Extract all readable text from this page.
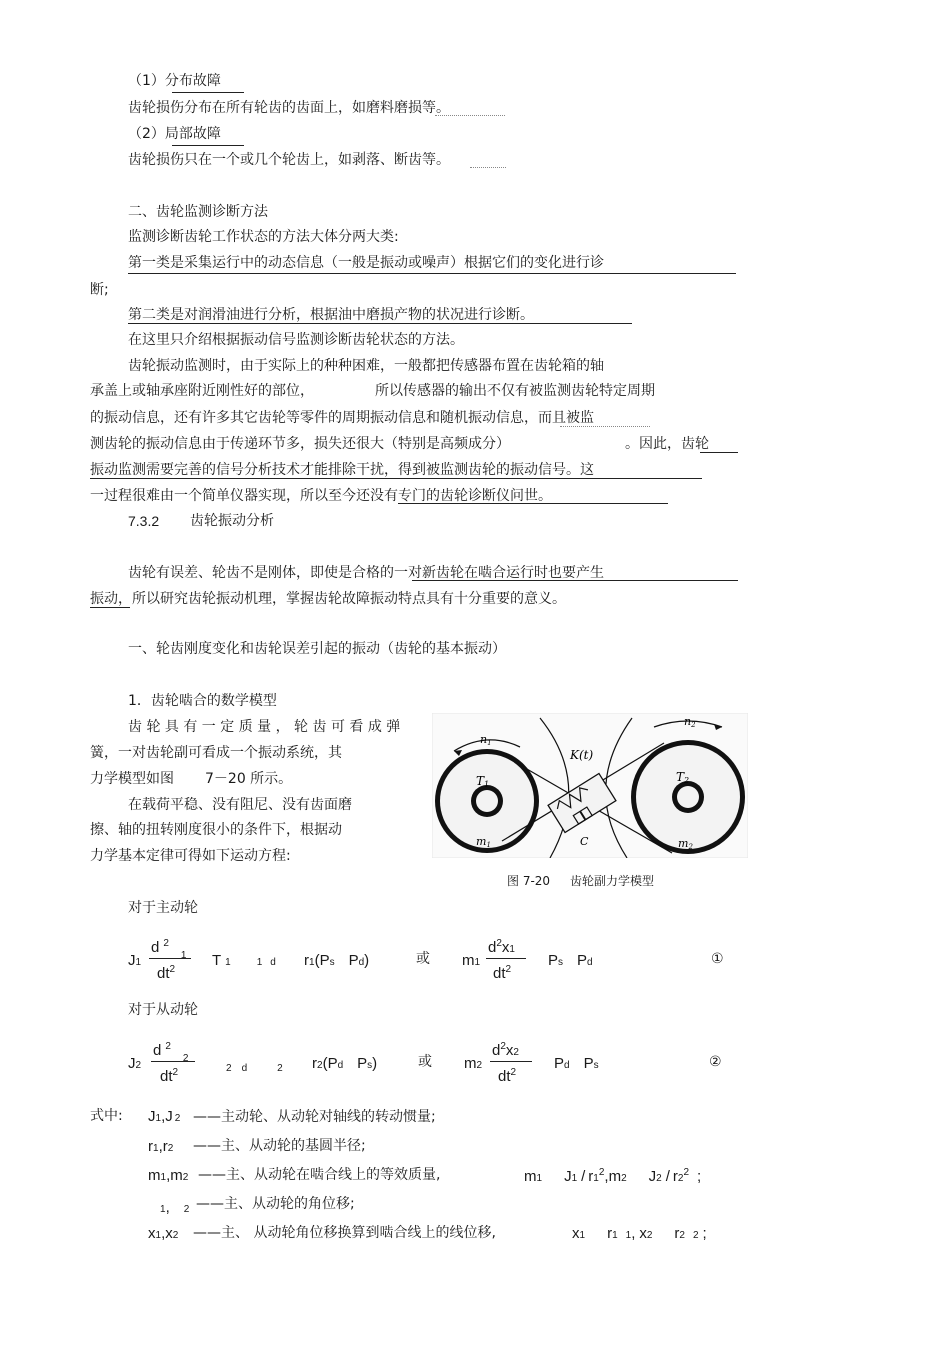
（1）分布故障
齿轮损伤分布在所有轮齿的齿面上，如磨料磨损等。
（2）局部故障
齿轮损伤只在一个或几个轮齿上，如剥落、断齿等。
二、齿轮监测诊断方法
监测诊断齿轮工作状态的方法大体分两大类:
第一类是采集运行中的动态信息（一般是振动或噪声）根据它们的变化进行诊
断;
第二类是对润滑油进行分析，根据油中磨损产物的状况进行诊断。
在这里只介绍根据振动信号监测诊断齿轮状态的方法。
齿轮振动监测时，由于实际上的种种困难，一般都把传感器布置在齿轮箱的轴
承盖上或轴承座附近刚性好的部位，	所以传感器的输出不仅有被监测齿轮特定周期
的振动信息，还有许多其它齿轮等零件的周期振动信息和随机振动信息，而且被监
测齿轮的振动信息由于传递环节多，损失还很大（特别是高频成分）	。因此，齿轮
振动监测需要完善的信号分析技术才能排除干扰，得到被监测齿轮的振动信号。这
一过程很难由一个简单仪器实现，所以至今还没有专门的齿轮诊断仪问世。
7.3.2 齿轮振动分析
齿轮有误差、轮齿不是刚体，即使是合格的一对新齿轮在啮合运行时也要产生
振动，所以研究齿轮振动机理，掌握齿轮故障振动特点具有十分重要的意义。
一、轮齿刚度变化和齿轮误差引起的振动（齿轮的基本振动）
1．齿轮啮合的数学模型
齿 轮 具 有 一 定 质 量 ， 轮 齿 可 看 成 弹
簧，一对齿轮副可看成一个振动系统，其
力学模型如图 7－20 所示。
在载荷平稳、没有阻尼、没有齿面磨
擦、轴的扭转刚度很小的条件下，根据动
力学基本定律可得如下运动方程:
n1
n2
T1
T2
K(t)
C
m1	m2
图 7-20 齿轮副力学模型
对于主动轮
J1
d $^2_1$
$dt^2$
T 1	1 d r1(Ps Pd)	或 m1
$d^2x1$
$dt^2$
Ps Pd	①
对于从动轮
J2
d $^2_2$
$dt^2$	2 d	2 r2(Pd Ps)	或 m2
$d^2x2$
$dt^2$
Pd Ps	②
式中: J1,J 2 ——主动轮、从动轮对轴线的转动惯量;
r1,r2 ——主、从动轮的基圆半径;
m1,m2 ——主、从动轮在啮合线上的等效质量,	m1 $J1 / r1^2,m2$ $J2 / r2^2$ ;
1, 2 ——主、从动轮的角位移;
x1,x2 ——主、 从动轮角位移换算到啮合线上的线位移,	x1 r1 1, x2 r2 2 ;
